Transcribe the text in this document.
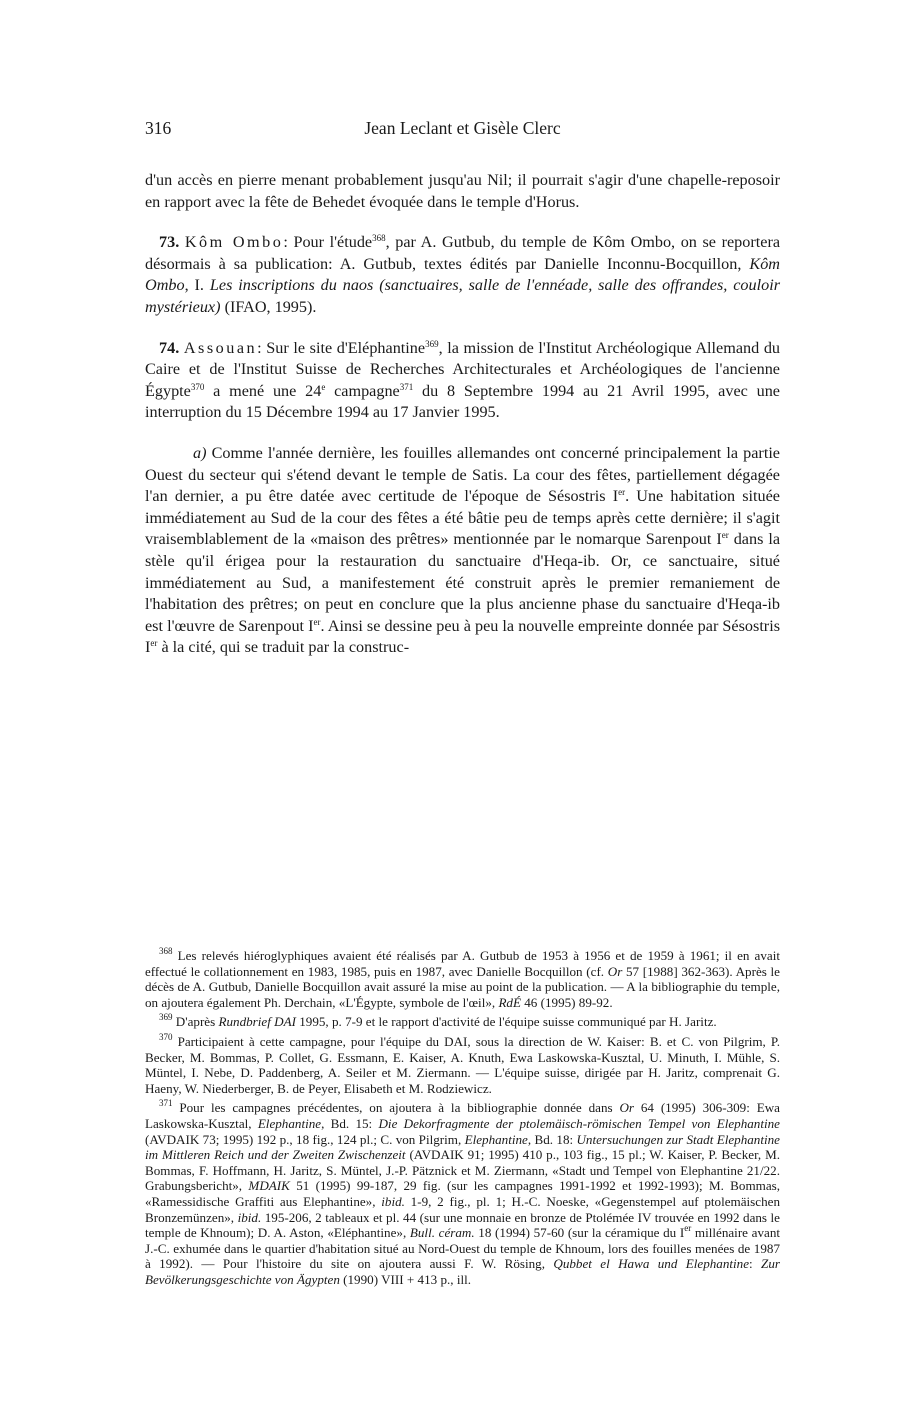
316	Jean Leclant et Gisèle Clerc

d'un accès en pierre menant probablement jusqu'au Nil; il pourrait s'agir d'une chapelle-reposoir en rapport avec la fête de Behedet évoquée dans le temple d'Horus.

73. Kôm Ombo: Pour l'étude$^{368}$, par A. Gutbub, du temple de Kôm Ombo, on se reportera désormais à sa publication: A. Gutbub, textes édités par Danielle Inconnu-Bocquillon, Kôm Ombo, I. Les inscriptions du naos (sanctuaires, salle de l'ennéade, salle des offrandes, couloir mystérieux) (IFAO, 1995).

74. Assouan: Sur le site d'Eléphantine$^{369}$, la mission de l'Institut Archéologique Allemand du Caire et de l'Institut Suisse de Recherches Architecturales et Archéologiques de l'ancienne Égypte$^{370}$ a mené une 24e campagne$^{371}$ du 8 Septembre 1994 au 21 Avril 1995, avec une interruption du 15 Décembre 1994 au 17 Janvier 1995.

a) Comme l'année dernière, les fouilles allemandes ont concerné principalement la partie Ouest du secteur qui s'étend devant le temple de Satis. La cour des fêtes, partiellement dégagée l'an dernier, a pu être datée avec certitude de l'époque de Sésostris Ier. Une habitation située immédiatement au Sud de la cour des fêtes a été bâtie peu de temps après cette dernière; il s'agit vraisemblablement de la «maison des prêtres» mentionnée par le nomarque Sarenpout Ier dans la stèle qu'il érigea pour la restauration du sanctuaire d'Heqa-ib. Or, ce sanctuaire, situé immédiatement au Sud, a manifestement été construit après le premier remaniement de l'habitation des prêtres; on peut en conclure que la plus ancienne phase du sanctuaire d'Heqa-ib est l'œuvre de Sarenpout Ier. Ainsi se dessine peu à peu la nouvelle empreinte donnée par Sésostris Ier à la cité, qui se traduit par la construc-

$^{368}$ Les relevés hiéroglyphiques avaient été réalisés par A. Gutbub de 1953 à 1956 et de 1959 à 1961; il en avait effectué le collationnement en 1983, 1985, puis en 1987, avec Danielle Bocquillon (cf. Or 57 [1988] 362-363). Après le décès de A. Gutbub, Danielle Bocquillon avait assuré la mise au point de la publication. — A la bibliographie du temple, on ajoutera également Ph. Derchain, «L'Égypte, symbole de l'œil», RdÉ 46 (1995) 89-92.

$^{369}$ D'après Rundbrief DAI 1995, p. 7-9 et le rapport d'activité de l'équipe suisse communiqué par H. Jaritz.

$^{370}$ Participaient à cette campagne, pour l'équipe du DAI, sous la direction de W. Kaiser: B. et C. von Pilgrim, P. Becker, M. Bommas, P. Collet, G. Essmann, E. Kaiser, A. Knuth, Ewa Laskowska-Kusztal, U. Minuth, I. Mühle, S. Müntel, I. Nebe, D. Paddenberg, A. Seiler et M. Ziermann. — L'équipe suisse, dirigée par H. Jaritz, comprenait G. Haeny, W. Niederberger, B. de Peyer, Elisabeth et M. Rodziewicz.

$^{371}$ Pour les campagnes précédentes, on ajoutera à la bibliographie donnée dans Or 64 (1995) 306-309: Ewa Laskowska-Kusztal, Elephantine, Bd. 15: Die Dekorfragmente der ptolemäisch-römischen Tempel von Elephantine (AVDAIK 73; 1995) 192 p., 18 fig., 124 pl.; C. von Pilgrim, Elephantine, Bd. 18: Untersuchungen zur Stadt Elephantine im Mittleren Reich und der Zweiten Zwischenzeit (AVDAIK 91; 1995) 410 p., 103 fig., 15 pl.; W. Kaiser, P. Becker, M. Bommas, F. Hoffmann, H. Jaritz, S. Müntel, J.-P. Pätznick et M. Ziermann, «Stadt und Tempel von Elephantine 21/22. Grabungsbericht», MDAIK 51 (1995) 99-187, 29 fig. (sur les campagnes 1991-1992 et 1992-1993); M. Bommas, «Ramessidische Graffiti aus Elephantine», ibid. 1-9, 2 fig., pl. 1; H.-C. Noeske, «Gegenstempel auf ptolemäischen Bronzemünzen», ibid. 195-206, 2 tableaux et pl. 44 (sur une monnaie en bronze de Ptolémée IV trouvée en 1992 dans le temple de Khnoum); D. A. Aston, «Eléphantine», Bull. céram. 18 (1994) 57-60 (sur la céramique du Ier millénaire avant J.-C. exhumée dans le quartier d'habitation situé au Nord-Ouest du temple de Khnoum, lors des fouilles menées de 1987 à 1992). — Pour l'histoire du site on ajoutera aussi F. W. Rösing, Qubbet el Hawa und Elephantine: Zur Bevölkerungsgeschichte von Ägypten (1990) VIII + 413 p., ill.
